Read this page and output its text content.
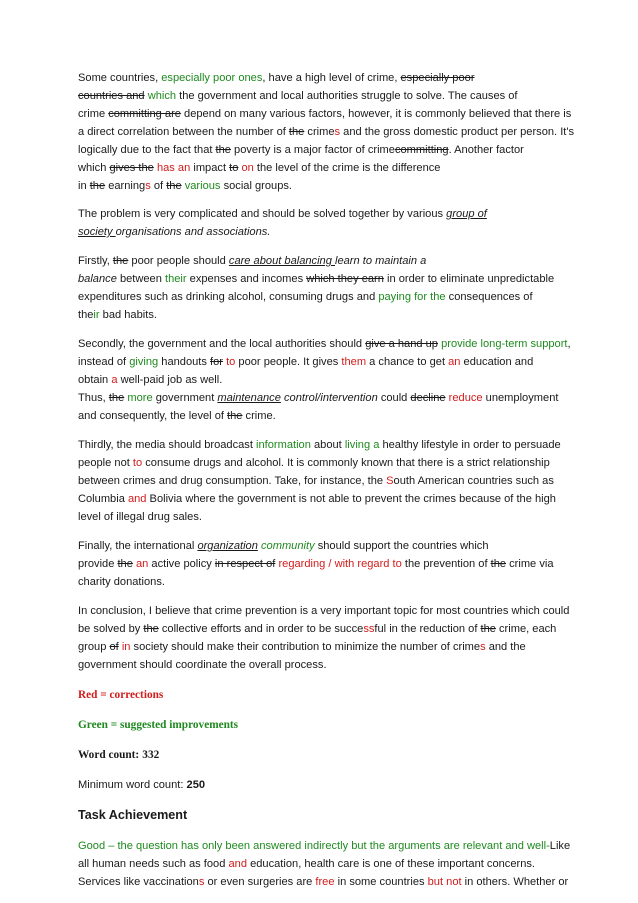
Some countries, especially poor ones, have a high level of crime, especially poor

countries and which the government and local authorities struggle to solve. The causes of

crime committing are depend on many various factors, however, it is commonly believed that there is

a direct correlation between the number of the crimes and the gross domestic product per person. It's

logically due to the fact that the poverty is a major factor of crimecommitting. Another factor

which gives the has an impact to on the level of the crime is the difference

in the earnings of the various social groups.

The problem is very complicated and should be solved together by various group of

society organisations and associations.

Firstly, the poor people should care about balancing learn to maintain a

balance between their expenses and incomes which they earn in order to eliminate unpredictable

expenditures such as drinking alcohol, consuming drugs and paying for the consequences of

their bad habits.

Secondly, the government and the local authorities should give a hand up provide long-term support,

instead of giving handouts for to poor people. It gives them a chance to get an education and

obtain a well-paid job as well.

Thus, the more government maintenance control/intervention could decline reduce unemployment

and consequently, the level of the crime.

Thirdly, the media should broadcast information about living a healthy lifestyle in order to persuade

people not to consume drugs and alcohol. It is commonly known that there is a strict relationship

between crimes and drug consumption. Take, for instance, the South American countries such as

Columbia and Bolivia where the government is not able to prevent the crimes because of the high

level of illegal drug sales.

Finally, the international organization community should support the countries which

provide the an active policy in respect of regarding / with regard to the prevention of the crime via

charity donations.

In conclusion, I believe that crime prevention is a very important topic for most countries which could

be solved by the collective efforts and in order to be successful in the reduction of the crime, each

group of in society should make their contribution to minimize the number of crimes and the

government should coordinate the overall process.

Red = corrections

Green = suggested improvements

Word count: 332

Minimum word count: 250

Task Achievement

Good – the question has only been answered indirectly but the arguments are relevant and well-Like

all human needs such as food and education, health care is one of these important concerns.

Services like vaccinations or even surgeries are free in some countries but not in others. Whether or
